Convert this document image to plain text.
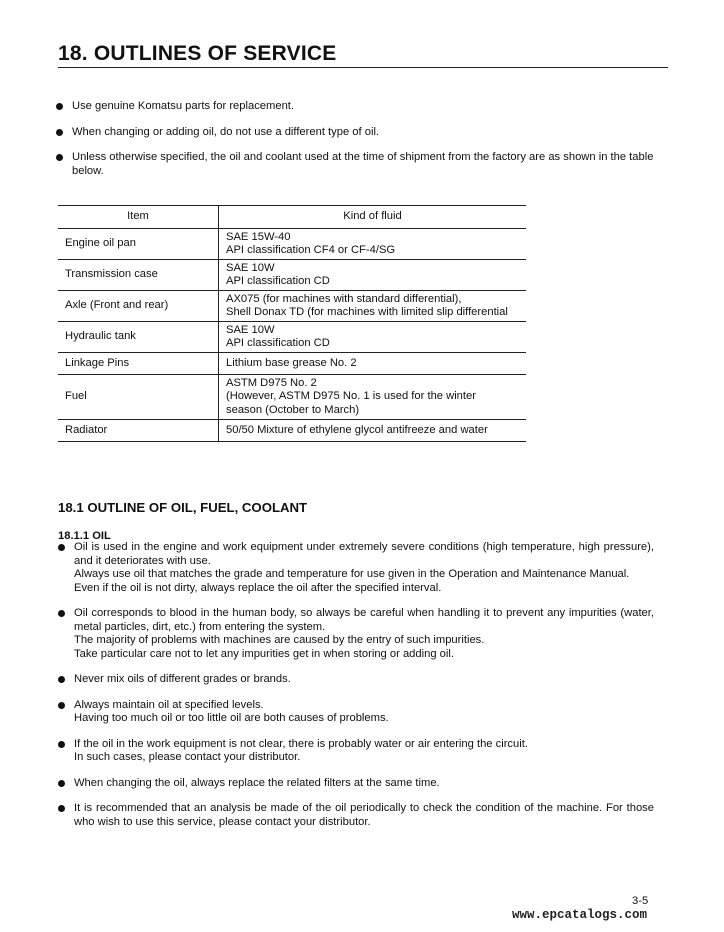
18. OUTLINES OF SERVICE
Use genuine Komatsu parts for replacement.
When changing or adding oil, do not use a different type of oil.
Unless otherwise specified, the oil and coolant used at the time of shipment from the factory are as shown in the table below.
Item	Kind of fluid
Engine oil pan	SAE 15W-40
API classification CF4 or CF-4/SG

Transmission case	SAE 10W
API classification CD

Axle (Front and rear)	AX075 (for machines with standard differential),
Shell Donax TD (for machines with limited slip differential

Hydraulic tank	SAE 10W
API classification CD

Linkage Pins	Lithium base grease No. 2

Fuel	ASTM D975 No. 2
(However, ASTM D975 No. 1 is used for the winter
season (October to March)

Radiator	50/50 Mixture of ethylene glycol antifreeze and water
18.1 OUTLINE OF OIL, FUEL, COOLANT
18.1.1 OIL

Oil is used in the engine and work equipment under extremely severe conditions (high temperature, high pressure), and it deteriorates with use.

Always use oil that matches the grade and temperature for use given in the Operation and Maintenance Manual.

Even if the oil is not dirty, always replace the oil after the specified interval.

Oil corresponds to blood in the human body, so always be careful when handling it to prevent any impurities (water, metal particles, dirt, etc.) from entering the system.

The majority of problems with machines are caused by the entry of such impurities.

Take particular care not to let any impurities get in when storing or adding oil.

Never mix oils of different grades or brands.

Always maintain oil at specified levels.

Having too much oil or too little oil are both causes of problems.

If the oil in the work equipment is not clear, there is probably water or air entering the circuit.

In such cases, please contact your distributor.

When changing the oil, always replace the related filters at the same time.

It is recommended that an analysis be made of the oil periodically to check the condition of the machine. For those who wish to use this service, please contact your distributor.

3-5
www.epcatalogs.com
